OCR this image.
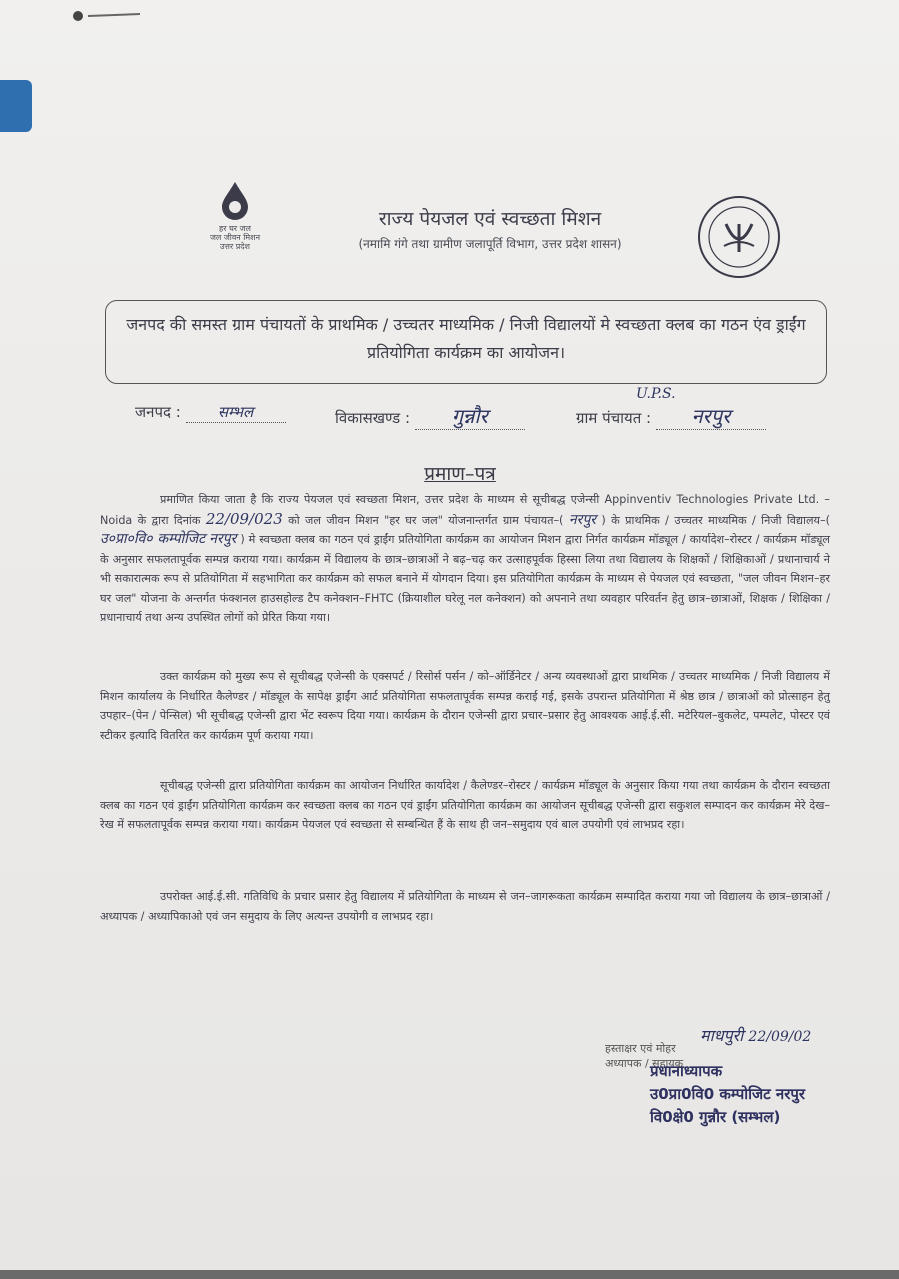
हर घर जल
जल जीवन मिशन
उत्तर प्रदेश
राज्य पेयजल एवं स्वच्छता मिशन
(नमामि गंगे तथा ग्रामीण जलापूर्ति विभाग, उत्तर प्रदेश शासन)
जनपद की समस्त ग्राम पंचायतों के प्राथमिक / उच्चतर माध्यमिक / निजी विद्यालयों मे स्वच्छता क्लब का गठन एंव ड्राईंग प्रतियोगिता कार्यक्रम का आयोजन।
जनपद : सम्भल	विकासखण्ड : गुन्नौर	ग्राम पंचायत :
U.P.S.
नरपुर
प्रमाण–पत्र
प्रमाणित किया जाता है कि राज्य पेयजल एवं स्वच्छता मिशन, उत्तर प्रदेश के माध्यम से सूचीबद्ध एजेन्सी Appinventiv Technologies Private Ltd. – Noida के द्वारा दिनांक 22/09/023 को जल जीवन मिशन "हर घर जल" योजनान्तर्गत ग्राम पंचायत–( नरपुर ) के प्राथमिक / उच्चतर माध्यमिक / निजी विद्यालय–( उ०प्रा०वि० कम्पोजिट नरपुर ) मे स्वच्छता क्लब का गठन एवं ड्राईंग प्रतियोगिता कार्यक्रम का आयोजन मिशन द्वारा निर्गत कार्यक्रम मॉड्यूल / कार्यादेश–रोस्टर / कार्यक्रम मॉड्यूल के अनुसार सफलतापूर्वक सम्पन्न कराया गया। कार्यक्रम में विद्यालय के छात्र–छात्राओं ने बढ़–चढ़ कर उत्साहपूर्वक हिस्सा लिया तथा विद्यालय के शिक्षकों / शिक्षिकाओं / प्रधानाचार्य ने भी सकारात्मक रूप से प्रतियोगिता में सहभागिता कर कार्यक्रम को सफल बनाने में योगदान दिया। इस प्रतियोगिता कार्यक्रम के माध्यम से पेयजल एवं स्वच्छता, "जल जीवन मिशन–हर घर जल" योजना के अन्तर्गत फंक्शनल हाउसहोल्ड टैप कनेक्शन–FHTC (क्रियाशील घरेलू नल कनेक्शन) को अपनाने तथा व्यवहार परिवर्तन हेतु छात्र–छात्राओं, शिक्षक / शिक्षिका / प्रधानाचार्य तथा अन्य उपस्थित लोगों को प्रेरित किया गया।
उक्त कार्यक्रम को मुख्य रूप से सूचीबद्ध एजेन्सी के एक्सपर्ट / रिसोर्स पर्सन / को–ऑर्डिनेटर / अन्य व्यवस्थाओं द्वारा प्राथमिक / उच्चतर माध्यमिक / निजी विद्यालय में मिशन कार्यालय के निर्धारित कैलेण्डर / मॉड्यूल के सापेक्ष ड्राईंग आर्ट प्रतियोगिता सफलतापूर्वक सम्पन्न कराई गई, इसके उपरान्त प्रतियोगिता में श्रेष्ठ छात्र / छात्राओं को प्रोत्साहन हेतु उपहार–(पेन / पेन्सिल) भी सूचीबद्ध एजेन्सी द्वारा भेंट स्वरूप दिया गया। कार्यक्रम के दौरान एजेन्सी द्वारा प्रचार–प्रसार हेतु आवश्यक आई.ई.सी. मटेरियल–बुकलेट, पम्पलेट, पोस्टर एवं स्टीकर इत्यादि वितरित कर कार्यक्रम पूर्ण कराया गया।
सूचीबद्ध एजेन्सी द्वारा प्रतियोगिता कार्यक्रम का आयोजन निर्धारित कार्यादेश / कैलेण्डर–रोस्टर / कार्यक्रम मॉड्यूल के अनुसार किया गया तथा कार्यक्रम के दौरान स्वच्छता क्लब का गठन एवं ड्राईंग प्रतियोगिता कार्यक्रम कर स्वच्छता क्लब का गठन एवं ड्राईंग प्रतियोगिता कार्यक्रम का आयोजन सूचीबद्ध एजेन्सी द्वारा सकुशल सम्पादन कर कार्यक्रम मेरे देख–रेख में सफलतापूर्वक सम्पन्न कराया गया। कार्यक्रम पेयजल एवं स्वच्छता से सम्बन्धित हैं के साथ ही जन–समुदाय एवं बाल उपयोगी एवं लाभप्रद रहा।
उपरोक्त आई.ई.सी. गतिविधि के प्रचार प्रसार हेतु विद्यालय में प्रतियोगिता के माध्यम से जन–जागरूकता कार्यक्रम सम्पादित कराया गया जो विद्यालय के छात्र–छात्राओं / अध्यापक / अध्यापिकाओ एवं जन समुदाय के लिए अत्यन्त उपयोगी व लाभप्रद रहा।
माधपुरी 22/09/02
हस्ताक्षर एवं मोहर
अध्यापक / सहायक
प्रधानाध्यापक
उ0प्रा0वि0 कम्पोजिट नरपुर
वि0क्षे0 गुन्नौर (सम्भल)
